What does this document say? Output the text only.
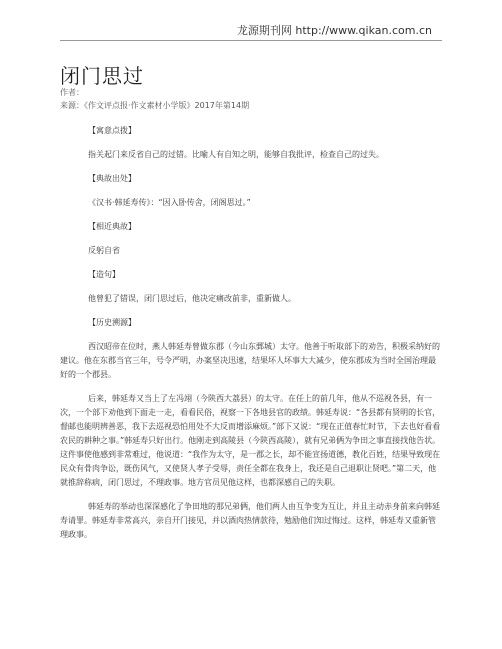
龙源期刊网 http://www.qikan.com.cn
闭门思过
作者：
来源：《作文评点报·作文素材小学版》2017年第14期
【寓意点拨】
指关起门来反省自己的过错。比喻人有自知之明，能够自我批评，检查自己的过失。
【典故出处】
《汉书·韩延寿传》：“因入卧传舍，闭阁思过。”
【相近典故】
反躬自省
【造句】
他曾犯了错误，闭门思过后，他决定痛改前非，重新做人。
【历史溯源】
西汉昭帝在位时，燕人韩延寿曾做东郡（今山东鄄城）太守。他善于听取部下的劝告，积极采纳好的建议。他在东郡当官三年，号令严明，办案坚决迅速，结果坏人坏事大大减少，使东郡成为当时全国治理最好的一个郡县。
后来，韩延寿又当上了左冯翊（今陕西大荔县）的太守。在任上的前几年，他从不巡视各县，有一次，一个部下劝他到下面走一走，看看民俗，视察一下各地县官的政绩。韩延寿说：“各县都有贤明的长官，督邮也能明辨善恶，我下去巡视恐怕用处不大反而增添麻烦。”部下又说：“现在正值春忙时节，下去也好看看农民的耕种之事。”韩延寿只好出行。他刚走到高陵县（今陕西高陵），就有兄弟俩为争田之事直接找他告状。这件事使他感到非常难过，他说道：“我作为太守，是一郡之长，却不能宣扬道德，教化百姓，结果导致现在民众有骨肉争讼，既伤风气，又使贤人孝子受辱，责任全都在我身上，我还是自己退职让贤吧。”第二天，他就推辞称病，闭门思过，不理政事。地方官员见他这样，也都深感自己的失职。
韩延寿的举动也深深感化了争田地的那兄弟俩，他们两人由互争变为互让，并且主动赤身前来向韩延寿请罪。韩延寿非常高兴，亲自开门接见，并以酒肉热情款待，勉励他们知过悔过。这样，韩延寿又重新管理政事。
